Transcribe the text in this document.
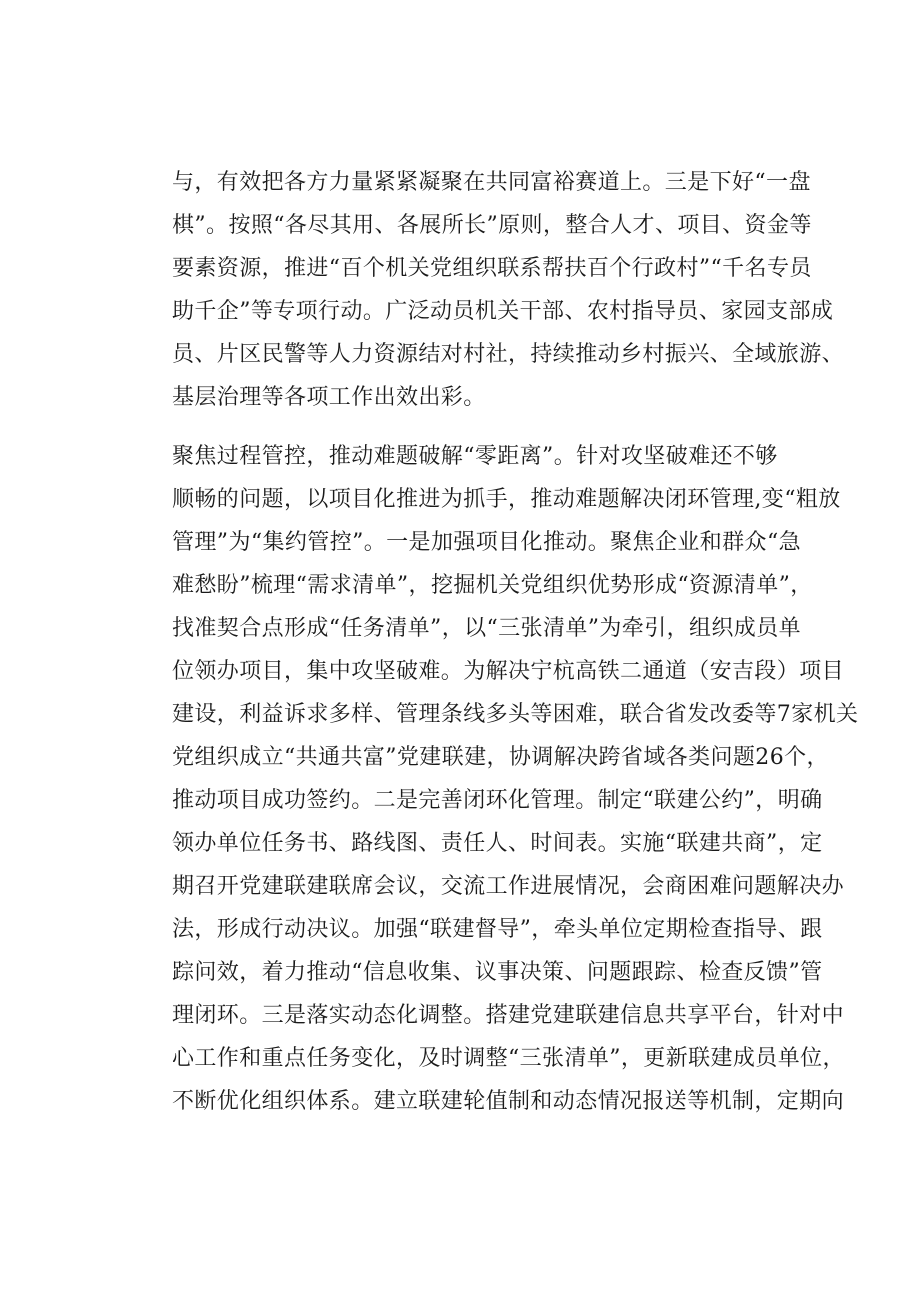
与，有效把各方力量紧紧凝聚在共同富裕赛道上。三是下好“一盘
棋”。按照“各尽其用、各展所长”原则，整合人才、项目、资金等
要素资源，推进“百个机关党组织联系帮扶百个行政村”“千名专员
助千企”等专项行动。广泛动员机关干部、农村指导员、家园支部成
员、片区民警等人力资源结对村社，持续推动乡村振兴、全域旅游、
基层治理等各项工作出效出彩。
聚焦过程管控，推动难题破解“零距离”。针对攻坚破难还不够
顺畅的问题，以项目化推进为抓手，推动难题解决闭环管理,变“粗放
管理”为“集约管控”。一是加强项目化推动。聚焦企业和群众“急
难愁盼”梳理“需求清单”，挖掘机关党组织优势形成“资源清单”，
找准契合点形成“任务清单”，以“三张清单”为牵引，组织成员单
位领办项目，集中攻坚破难。为解决宁杭高铁二通道（安吉段）项目
建设，利益诉求多样、管理条线多头等困难，联合省发改委等7家机关
党组织成立“共通共富”党建联建，协调解决跨省域各类问题26个，
推动项目成功签约。二是完善闭环化管理。制定“联建公约”，明确
领办单位任务书、路线图、责任人、时间表。实施“联建共商”，定
期召开党建联建联席会议，交流工作进展情况，会商困难问题解决办
法，形成行动决议。加强“联建督导”，牵头单位定期检查指导、跟
踪问效，着力推动“信息收集、议事决策、问题跟踪、检查反馈”管
理闭环。三是落实动态化调整。搭建党建联建信息共享平台，针对中
心工作和重点任务变化，及时调整“三张清单”，更新联建成员单位，
不断优化组织体系。建立联建轮值制和动态情况报送等机制，定期向
